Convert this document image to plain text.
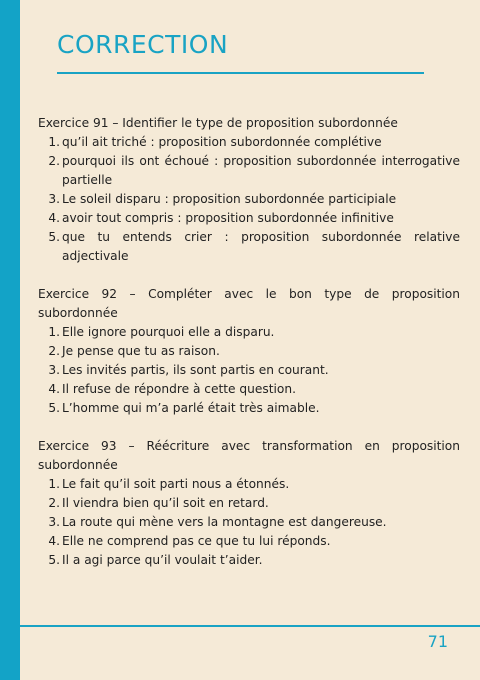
CORRECTION
Exercice 91 – Identifier le type de proposition subordonnée
1. qu’il ait triché : proposition subordonnée complétive
2. pourquoi ils ont échoué : proposition subordonnée interrogative partielle
3. Le soleil disparu : proposition subordonnée participiale
4. avoir tout compris : proposition subordonnée infinitive
5. que tu entends crier : proposition subordonnée relative adjectivale
Exercice 92 – Compléter avec le bon type de proposition subordonnée
1. Elle ignore pourquoi elle a disparu.
2. Je pense que tu as raison.
3. Les invités partis, ils sont partis en courant.
4. Il refuse de répondre à cette question.
5. L’homme qui m’a parlé était très aimable.
Exercice 93 – Réécriture avec transformation en proposition subordonnée
1. Le fait qu’il soit parti nous a étonnés.
2. Il viendra bien qu’il soit en retard.
3. La route qui mène vers la montagne est dangereuse.
4. Elle ne comprend pas ce que tu lui réponds.
5. Il a agi parce qu’il voulait t’aider.
71
